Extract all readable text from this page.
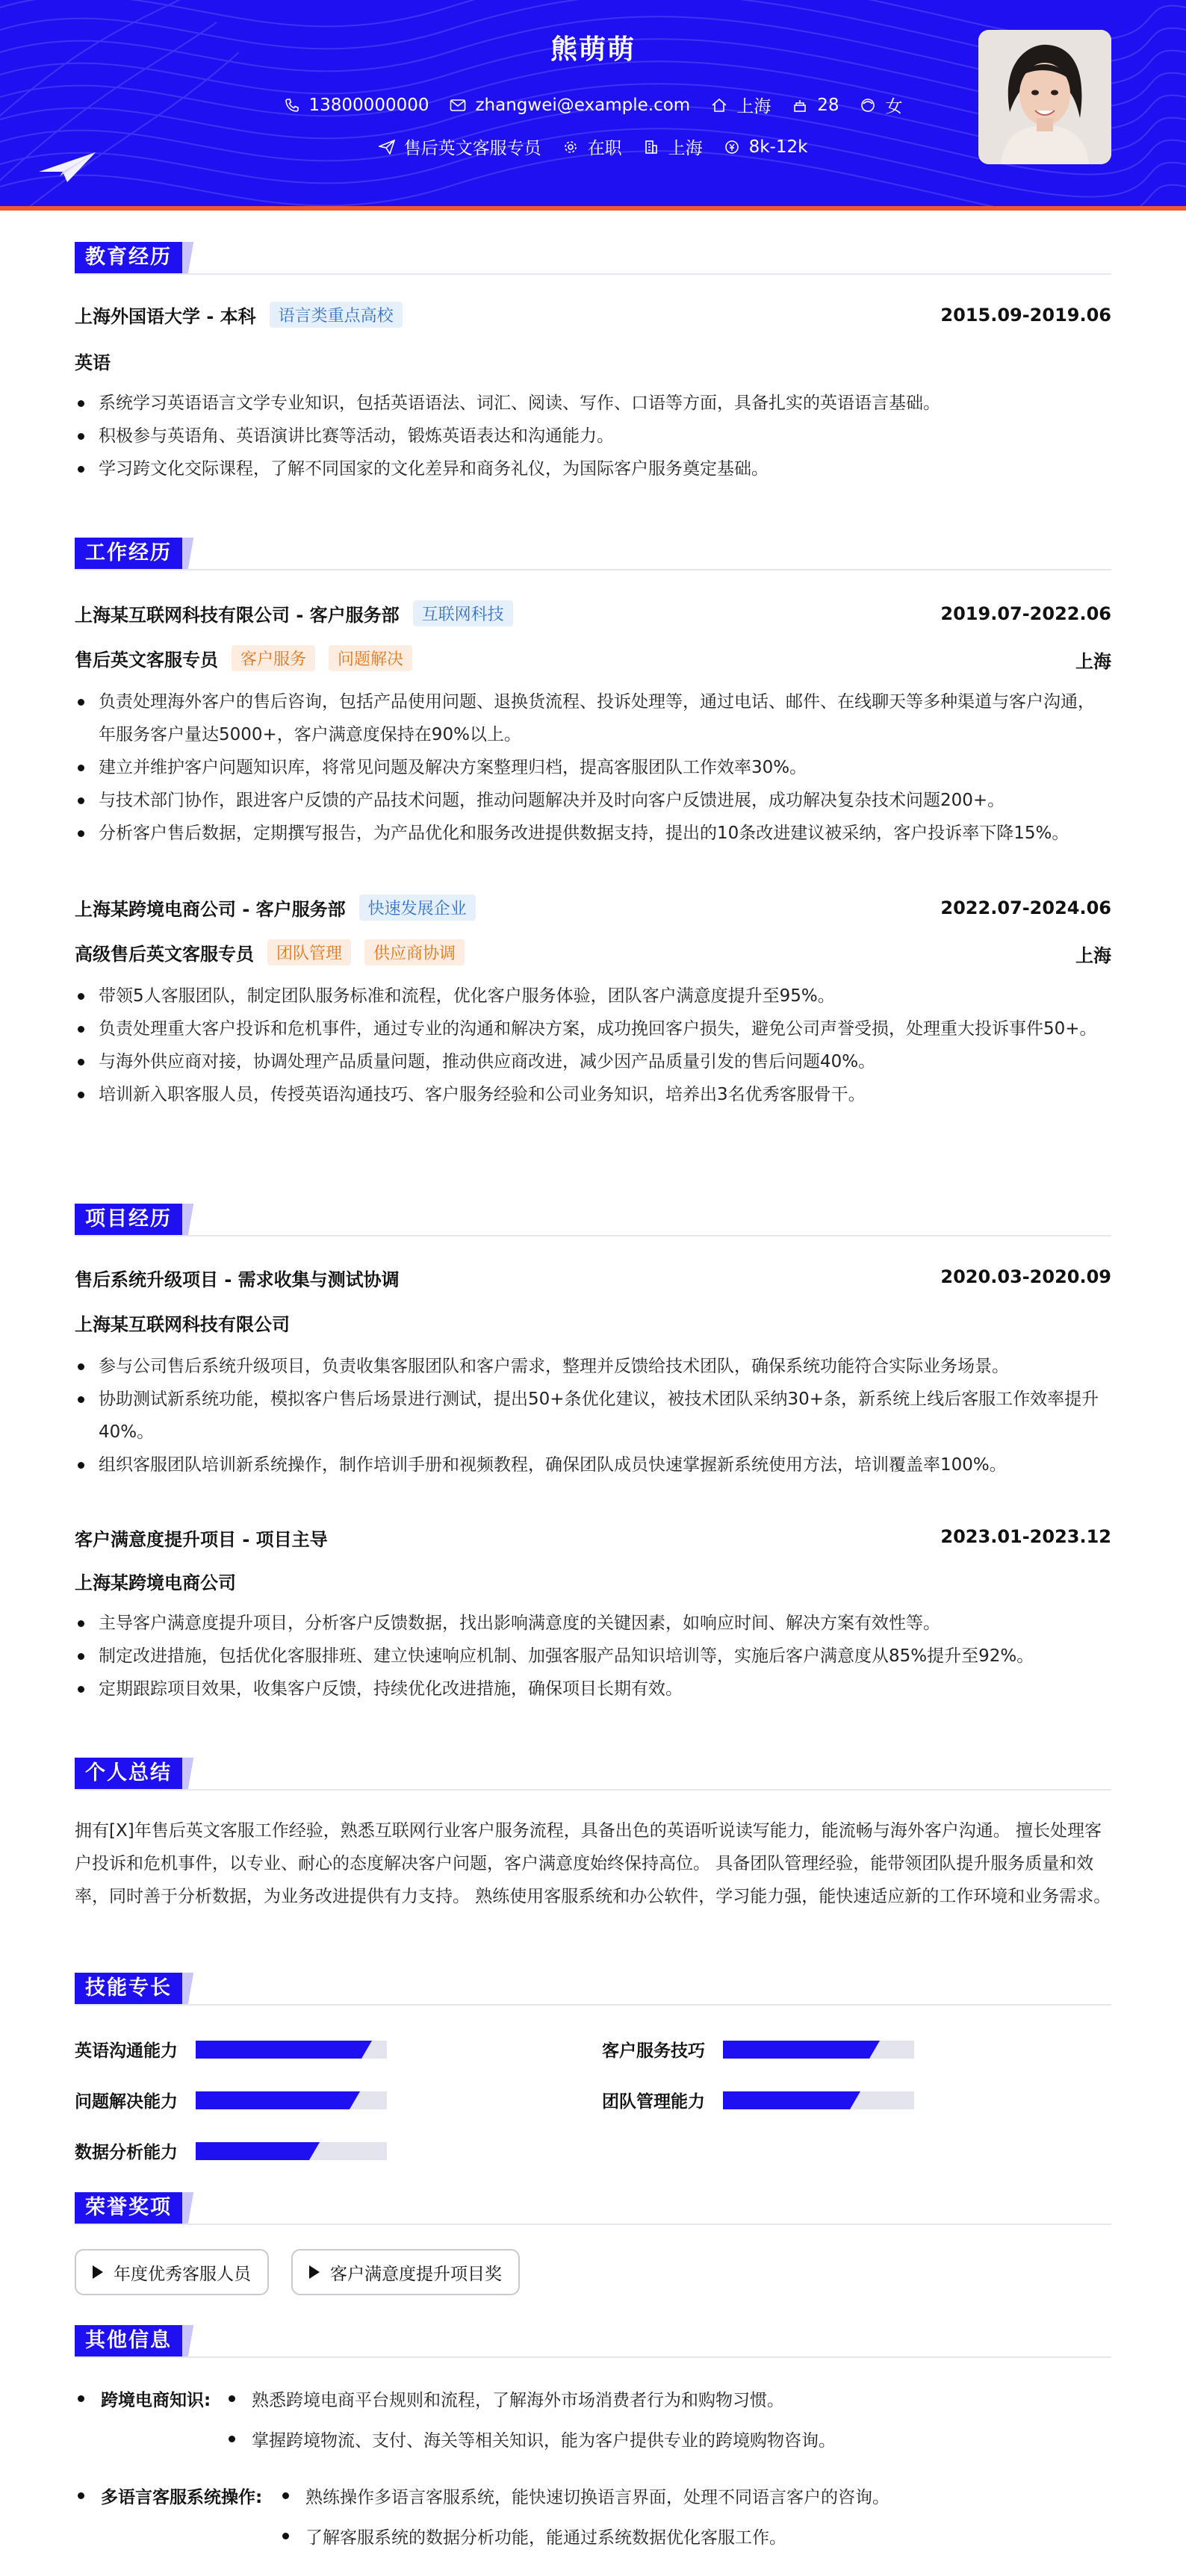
熊萌萌
13800000000	zhangwei@example.com	上海	28	女
售后英文客服专员	在职	上海	8k-12k
教育经历
上海外国语大学 - 本科	语言类重点高校	2015.09-2019.06
英语
系统学习英语语言文学专业知识，包括英语语法、词汇、阅读、写作、口语等方面，具备扎实的英语语言基础。
积极参与英语角、英语演讲比赛等活动，锻炼英语表达和沟通能力。
学习跨文化交际课程，了解不同国家的文化差异和商务礼仪，为国际客户服务奠定基础。
工作经历
上海某互联网科技有限公司 - 客户服务部	互联网科技	2019.07-2022.06
售后英文客服专员	客户服务	问题解决	上海
负责处理海外客户的售后咨询，包括产品使用问题、退换货流程、投诉处理等，通过电话、邮件、在线聊天等多种渠道与客户沟通，年服务客户量达5000+，客户满意度保持在90%以上。
建立并维护客户问题知识库，将常见问题及解决方案整理归档，提高客服团队工作效率30%。
与技术部门协作，跟进客户反馈的产品技术问题，推动问题解决并及时向客户反馈进展，成功解决复杂技术问题200+。
分析客户售后数据，定期撰写报告，为产品优化和服务改进提供数据支持，提出的10条改进建议被采纳，客户投诉率下降15%。
上海某跨境电商公司 - 客户服务部	快速发展企业	2022.07-2024.06
高级售后英文客服专员	团队管理	供应商协调	上海
带领5人客服团队，制定团队服务标准和流程，优化客户服务体验，团队客户满意度提升至95%。
负责处理重大客户投诉和危机事件，通过专业的沟通和解决方案，成功挽回客户损失，避免公司声誉受损，处理重大投诉事件50+。
与海外供应商对接，协调处理产品质量问题，推动供应商改进，减少因产品质量引发的售后问题40%。
培训新入职客服人员，传授英语沟通技巧、客户服务经验和公司业务知识，培养出3名优秀客服骨干。
项目经历
售后系统升级项目 - 需求收集与测试协调	2020.03-2020.09
上海某互联网科技有限公司
参与公司售后系统升级项目，负责收集客服团队和客户需求，整理并反馈给技术团队，确保系统功能符合实际业务场景。
协助测试新系统功能，模拟客户售后场景进行测试，提出50+条优化建议，被技术团队采纳30+条，新系统上线后客服工作效率提升40%。
组织客服团队培训新系统操作，制作培训手册和视频教程，确保团队成员快速掌握新系统使用方法，培训覆盖率100%。
客户满意度提升项目 - 项目主导	2023.01-2023.12
上海某跨境电商公司
主导客户满意度提升项目，分析客户反馈数据，找出影响满意度的关键因素，如响应时间、解决方案有效性等。
制定改进措施，包括优化客服排班、建立快速响应机制、加强客服产品知识培训等，实施后客户满意度从85%提升至92%。
定期跟踪项目效果，收集客户反馈，持续优化改进措施，确保项目长期有效。
个人总结
拥有[X]年售后英文客服工作经验，熟悉互联网行业客户服务流程，具备出色的英语听说读写能力，能流畅与海外客户沟通。 擅长处理客户投诉和危机事件，以专业、耐心的态度解决客户问题，客户满意度始终保持高位。 具备团队管理经验，能带领团队提升服务质量和效率，同时善于分析数据，为业务改进提供有力支持。 熟练使用客服系统和办公软件，学习能力强，能快速适应新的工作环境和业务需求。
技能专长
英语沟通能力	客户服务技巧
问题解决能力	团队管理能力
数据分析能力
荣誉奖项
年度优秀客服人员	客户满意度提升项目奖
其他信息
跨境电商知识: 熟悉跨境电商平台规则和流程，了解海外市场消费者行为和购物习惯。
掌握跨境物流、支付、海关等相关知识，能为客户提供专业的跨境购物咨询。
多语言客服系统操作:	熟练操作多语言客服系统，能快速切换语言界面，处理不同语言客户的咨询。
了解客服系统的数据分析功能，能通过系统数据优化客服工作。
